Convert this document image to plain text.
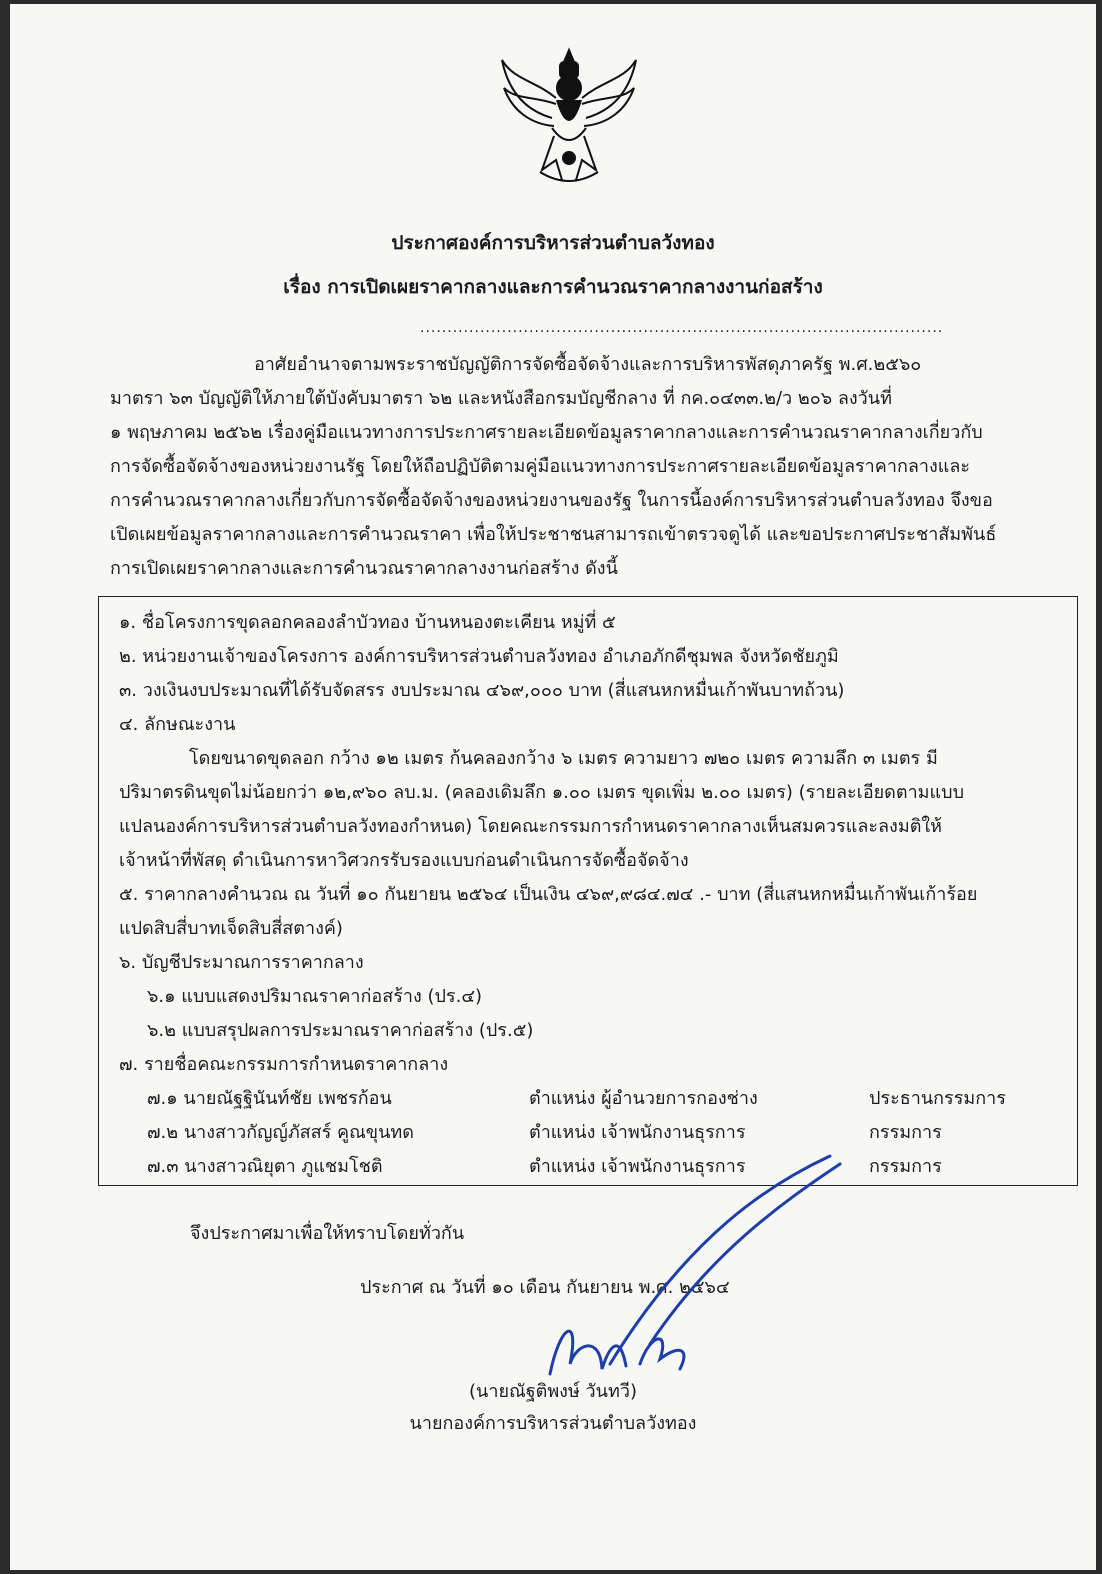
ประกาศองค์การบริหารส่วนตำบลวังทอง
เรื่อง การเปิดเผยราคากลางและการคำนวณราคากลางงานก่อสร้าง
................................................................................................
อาศัยอำนาจตามพระราชบัญญัติการจัดซื้อจัดจ้างและการบริหารพัสดุภาครัฐ พ.ศ.๒๕๖๐
มาตรา ๖๓ บัญญัติให้ภายใต้บังคับมาตรา ๖๒ และหนังสือกรมบัญชีกลาง ที่ กค.๐๔๓๓.๒/ว ๒๐๖ ลงวันที่
๑ พฤษภาคม ๒๕๖๒ เรื่องคู่มือแนวทางการประกาศรายละเอียดข้อมูลราคากลางและการคำนวณราคากลางเกี่ยวกับ
การจัดซื้อจัดจ้างของหน่วยงานรัฐ โดยให้ถือปฏิบัติตามคู่มือแนวทางการประกาศรายละเอียดข้อมูลราคากลางและ
การคำนวณราคากลางเกี่ยวกับการจัดซื้อจัดจ้างของหน่วยงานของรัฐ ในการนี้องค์การบริหารส่วนตำบลวังทอง จึงขอ
เปิดเผยข้อมูลราคากลางและการคำนวณราคา เพื่อให้ประชาชนสามารถเข้าตรวจดูได้ และขอประกาศประชาสัมพันธ์
การเปิดเผยราคากลางและการคำนวณราคากลางงานก่อสร้าง ดังนี้
๑. ชื่อโครงการขุดลอกคลองลำบัวทอง บ้านหนองตะเคียน หมู่ที่ ๕
๒. หน่วยงานเจ้าของโครงการ องค์การบริหารส่วนตำบลวังทอง อำเภอภักดีชุมพล จังหวัดชัยภูมิ
๓. วงเงินงบประมาณที่ได้รับจัดสรร งบประมาณ ๔๖๙,๐๐๐ บาท (สี่แสนหกหมื่นเก้าพันบาทถ้วน)
๔. ลักษณะงาน
โดยขนาดขุดลอก กว้าง ๑๒ เมตร ก้นคลองกว้าง ๖ เมตร ความยาว ๗๒๐ เมตร ความลึก ๓ เมตร มี
ปริมาตรดินขุดไม่น้อยกว่า ๑๒,๙๖๐ ลบ.ม. (คลองเดิมลึก ๑.๐๐ เมตร ขุดเพิ่ม ๒.๐๐ เมตร) (รายละเอียดตามแบบ
แปลนองค์การบริหารส่วนตำบลวังทองกำหนด) โดยคณะกรรมการกำหนดราคากลางเห็นสมควรและลงมติให้
เจ้าหน้าที่พัสดุ ดำเนินการหาวิศวกรรับรองแบบก่อนดำเนินการจัดซื้อจัดจ้าง
๕. ราคากลางคำนวณ ณ วันที่ ๑๐ กันยายน ๒๕๖๔ เป็นเงิน ๔๖๙,๙๘๔.๗๔ .- บาท (สี่แสนหกหมื่นเก้าพันเก้าร้อย
แปดสิบสี่บาทเจ็ดสิบสี่สตางค์)
๖. บัญชีประมาณการราคากลาง
๖.๑ แบบแสดงปริมาณราคาก่อสร้าง (ปร.๔)
๖.๒ แบบสรุปผลการประมาณราคาก่อสร้าง (ปร.๕)
๗. รายชื่อคณะกรรมการกำหนดราคากลาง
๗.๑ นายณัฐฐินันท์ชัย เพชรก้อน	ตำแหน่ง ผู้อำนวยการกองช่าง	ประธานกรรมการ
๗.๒ นางสาวกัญญ์ภัสสร์ คูณขุนทด	ตำแหน่ง เจ้าพนักงานธุรการ	กรรมการ
๗.๓ นางสาวณิยุตา ภูแชมโชติ	ตำแหน่ง เจ้าพนักงานธุรการ	กรรมการ
จึงประกาศมาเพื่อให้ทราบโดยทั่วกัน
ประกาศ ณ วันที่ ๑๐ เดือน กันยายน พ.ศ. ๒๕๖๔
(นายณัฐติพงษ์ วันทวี)
นายกองค์การบริหารส่วนตำบลวังทอง
